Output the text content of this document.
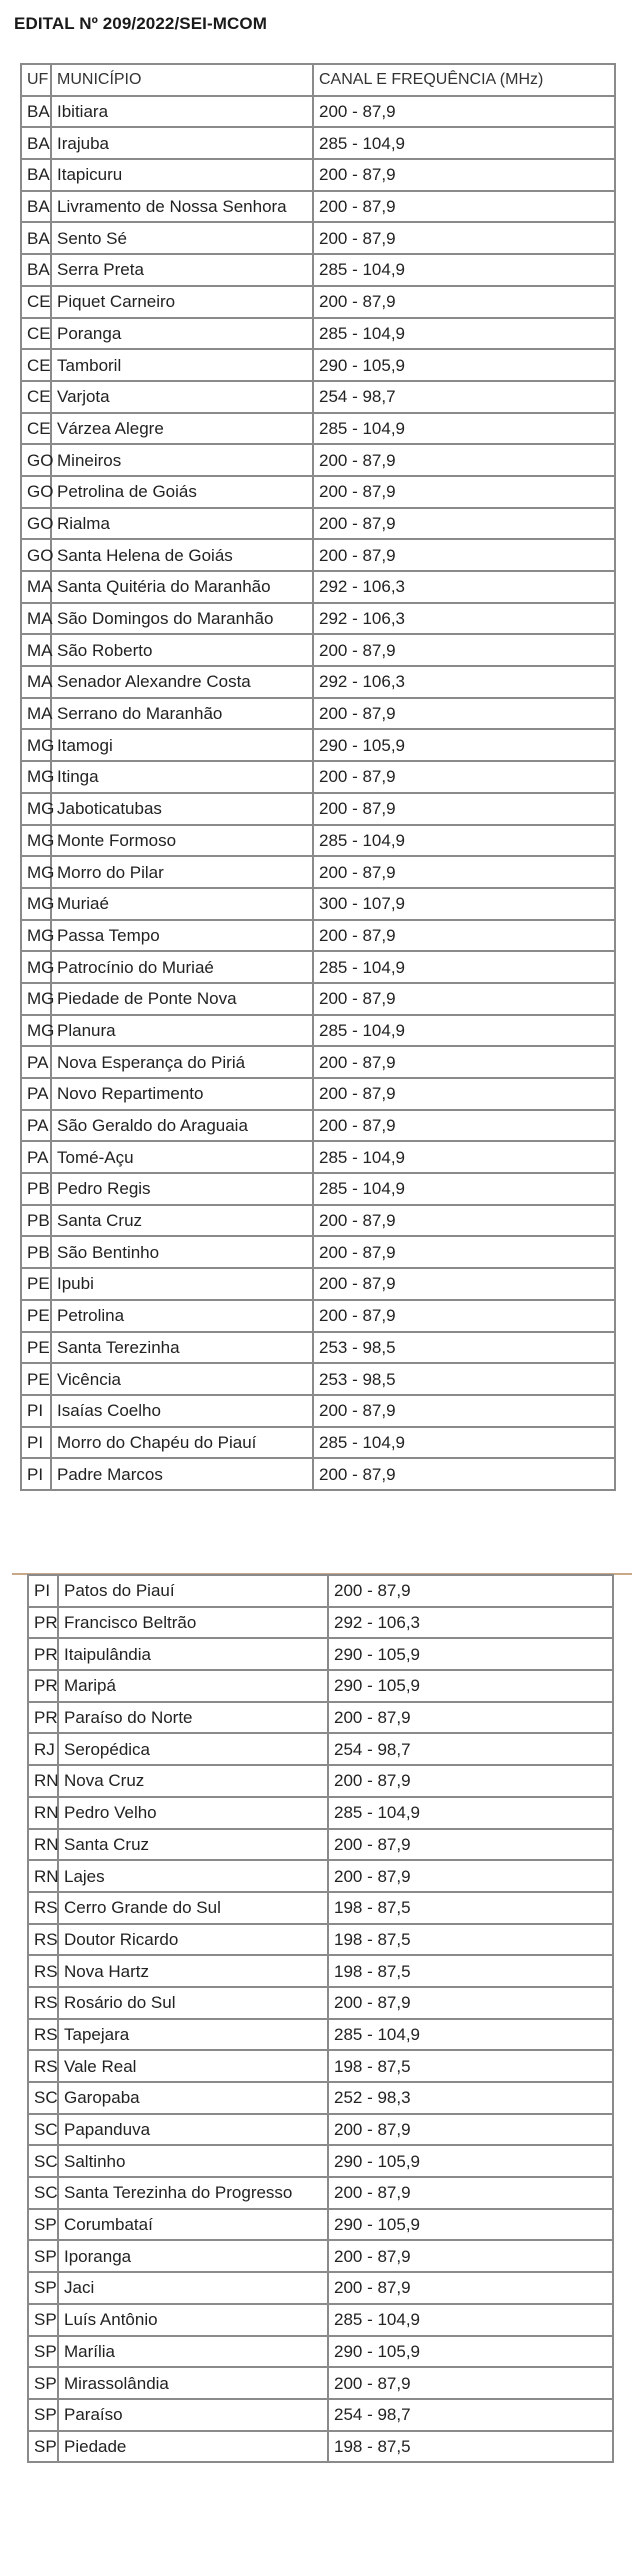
EDITAL Nº 209/2022/SEI-MCOM
UF	MUNICÍPIO	CANAL E FREQUÊNCIA (MHz)
BA	Ibitiara	200 - 87,9
BA	Irajuba	285 - 104,9
BA	Itapicuru	200 - 87,9
BA	Livramento de Nossa Senhora	200 - 87,9
BA	Sento Sé	200 - 87,9
BA	Serra Preta	285 - 104,9
CE	Piquet Carneiro	200 - 87,9
CE	Poranga	285 - 104,9
CE	Tamboril	290 - 105,9
CE	Varjota	254 - 98,7
CE	Várzea Alegre	285 - 104,9
GO	Mineiros	200 - 87,9
GO	Petrolina de Goiás	200 - 87,9
GO	Rialma	200 - 87,9
GO	Santa Helena de Goiás	200 - 87,9
MA	Santa Quitéria do Maranhão	292 - 106,3
MA	São Domingos do Maranhão	292 - 106,3
MA	São Roberto	200 - 87,9
MA	Senador Alexandre Costa	292 - 106,3
MA	Serrano do Maranhão	200 - 87,9
MG	Itamogi	290 - 105,9
MG	Itinga	200 - 87,9
MG	Jaboticatubas	200 - 87,9
MG	Monte Formoso	285 - 104,9
MG	Morro do Pilar	200 - 87,9
MG	Muriaé	300 - 107,9
MG	Passa Tempo	200 - 87,9
MG	Patrocínio do Muriaé	285 - 104,9
MG	Piedade de Ponte Nova	200 - 87,9
MG	Planura	285 - 104,9
PA	Nova Esperança do Piriá	200 - 87,9
PA	Novo Repartimento	200 - 87,9
PA	São Geraldo do Araguaia	200 - 87,9
PA	Tomé-Açu	285 - 104,9
PB	Pedro Regis	285 - 104,9
PB	Santa Cruz	200 - 87,9
PB	São Bentinho	200 - 87,9
PE	Ipubi	200 - 87,9
PE	Petrolina	200 - 87,9
PE	Santa Terezinha	253 - 98,5
PE	Vicência	253 - 98,5
PI	Isaías Coelho	200 - 87,9
PI	Morro do Chapéu do Piauí	285 - 104,9
PI	Padre Marcos	200 - 87,9
PI	Patos do Piauí	200 - 87,9
PR	Francisco Beltrão	292 - 106,3
PR	Itaipulândia	290 - 105,9
PR	Maripá	290 - 105,9
PR	Paraíso do Norte	200 - 87,9
RJ	Seropédica	254 - 98,7
RN	Nova Cruz	200 - 87,9
RN	Pedro Velho	285 - 104,9
RN	Santa Cruz	200 - 87,9
RN	Lajes	200 - 87,9
RS	Cerro Grande do Sul	198 - 87,5
RS	Doutor Ricardo	198 - 87,5
RS	Nova Hartz	198 - 87,5
RS	Rosário do Sul	200 - 87,9
RS	Tapejara	285 - 104,9
RS	Vale Real	198 - 87,5
SC	Garopaba	252 - 98,3
SC	Papanduva	200 - 87,9
SC	Saltinho	290 - 105,9
SC	Santa Terezinha do Progresso	200 - 87,9
SP	Corumbataí	290 - 105,9
SP	Iporanga	200 - 87,9
SP	Jaci	200 - 87,9
SP	Luís Antônio	285 - 104,9
SP	Marília	290 - 105,9
SP	Mirassolândia	200 - 87,9
SP	Paraíso	254 - 98,7
SP	Piedade	198 - 87,5
